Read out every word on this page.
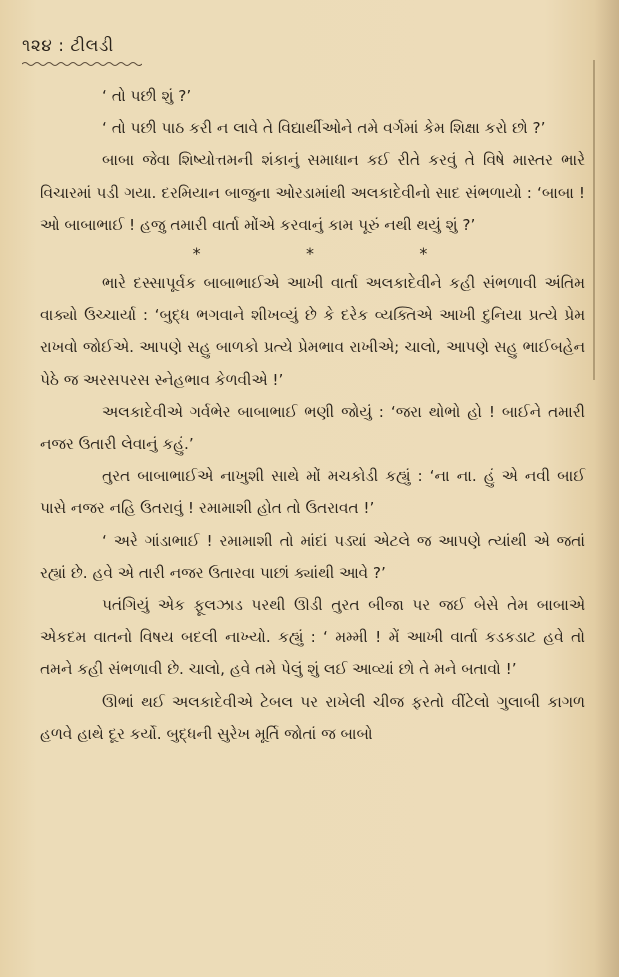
૧૨૪ : ટીલડી

‘ તો પછી શું ?’

‘ તો પછી પાઠ કરી ન લાવે તે વિદ્યાર્થીઓને તમે વર્ગમાં કેમ શિક્ષા કરો છો ?’

બાબા જેવા શિષ્યોત્તમની શંકાનું સમાધાન કઈ રીતે કરવું તે વિષે માસ્તર ભારે વિચારમાં પડી ગયા. દરમિયાન બાજુના ઓરડામાંથી અલકાદેવીનો સાદ સંભળાયો : ‘બાબા ! ઓ બાબાભાઈ ! હજુ તમારી વાર્તા મોંએ કરવાનું કામ પૂરું નથી થયું શું ?’

*	*	*

ભારે દસ્સાપૂર્વક બાબાભાઈએ આખી વાર્તા અલકાદેવીને કહી સંભળાવી અંતિમ વાક્યો ઉચ્ચાર્યા : ‘બુદ્ધ ભગવાને શીખવ્યું છે કે દરેક વ્યક્તિએ આખી દુનિયા પ્રત્યે પ્રેમ રાખવો જોઈએ. આપણે સહુ બાળકો પ્રત્યે પ્રેમભાવ રાખીએ; ચાલો, આપણે સહુ ભાઈબહેન પેઠે જ અરસપરસ સ્નેહભાવ કેળવીએ !’

અલકાદેવીએ ગર્વભેર બાબાભાઈ ભણી જોયું : ‘જરા થોભો હો ! બાઈને તમારી નજર ઉતારી લેવાનું કહું.’

તુરત બાબાભાઈએ નાખુશી સાથે મોં મચકોડી કહ્યું : ‘ના ના. હું એ નવી બાઈ પાસે નજર નહિ ઉતરાવું ! રમામાશી હોત તો ઉતરાવત !’

‘ અરે ગાંડાભાઈ ! રમામાશી તો માંદાં પડ્યાં એટલે જ આપણે ત્યાંથી એ જતાં રહ્યાં છે. હવે એ તારી નજર ઉતારવા પાછાં ક્યાંથી આવે ?’

પતંગિયું એક ફૂલઝાડ પરથી ઊડી તુરત બીજા પર જઈ બેસે તેમ બાબાએ એકદમ વાતનો વિષય બદલી નાખ્યો. કહ્યું : ‘ મમ્મી ! મેં આખી વાર્તા કડકડાટ હવે તો તમને કહી સંભળાવી છે. ચાલો, હવે તમે પેલું શું લઈ આવ્યાં છો તે મને બતાવો !’

ઊભાં થઈ અલકાદેવીએ ટેબલ પર રાખેલી ચીજ ફરતો વીંટેલો ગુલાબી કાગળ હળવે હાથે દૂર કર્યો. બુદ્ધની સુરેખ મૂર્તિ જોતાં જ બાબો
